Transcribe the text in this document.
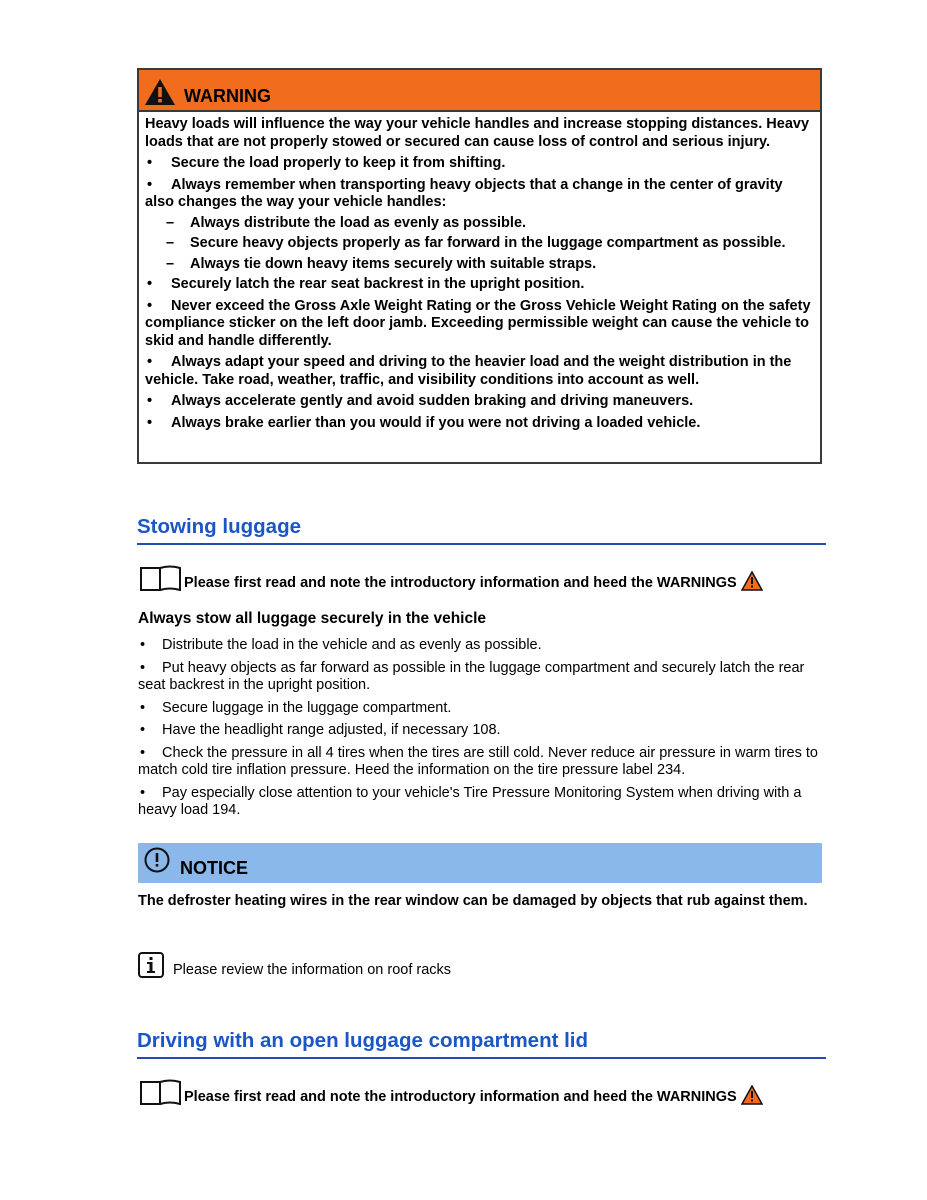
WARNING

Heavy loads will influence the way your vehicle handles and increase stopping distances. Heavy loads that are not properly stowed or secured can cause loss of control and serious injury.

• Secure the load properly to keep it from shifting.
• Always remember when transporting heavy objects that a change in the center of gravity also changes the way your vehicle handles:
– Always distribute the load as evenly as possible.
– Secure heavy objects properly as far forward in the luggage compartment as possible.
– Always tie down heavy items securely with suitable straps.
• Securely latch the rear seat backrest in the upright position.
• Never exceed the Gross Axle Weight Rating or the Gross Vehicle Weight Rating on the safety compliance sticker on the left door jamb. Exceeding permissible weight can cause the vehicle to skid and handle differently.
• Always adapt your speed and driving to the heavier load and the weight distribution in the vehicle. Take road, weather, traffic, and visibility conditions into account as well.
• Always accelerate gently and avoid sudden braking and driving maneuvers.
• Always brake earlier than you would if you were not driving a loaded vehicle.
Stowing luggage
Please first read and note the introductory information and heed the WARNINGS
Always stow all luggage securely in the vehicle
• Distribute the load in the vehicle and as evenly as possible.
• Put heavy objects as far forward as possible in the luggage compartment and securely latch the rear seat backrest in the upright position.
• Secure luggage in the luggage compartment.
• Have the headlight range adjusted, if necessary 108.
• Check the pressure in all 4 tires when the tires are still cold. Never reduce air pressure in warm tires to match cold tire inflation pressure. Heed the information on the tire pressure label 234.
• Pay especially close attention to your vehicle's Tire Pressure Monitoring System when driving with a heavy load 194.
NOTICE
The defroster heating wires in the rear window can be damaged by objects that rub against them.
Please review the information on roof racks
Driving with an open luggage compartment lid
Please first read and note the introductory information and heed the WARNINGS
